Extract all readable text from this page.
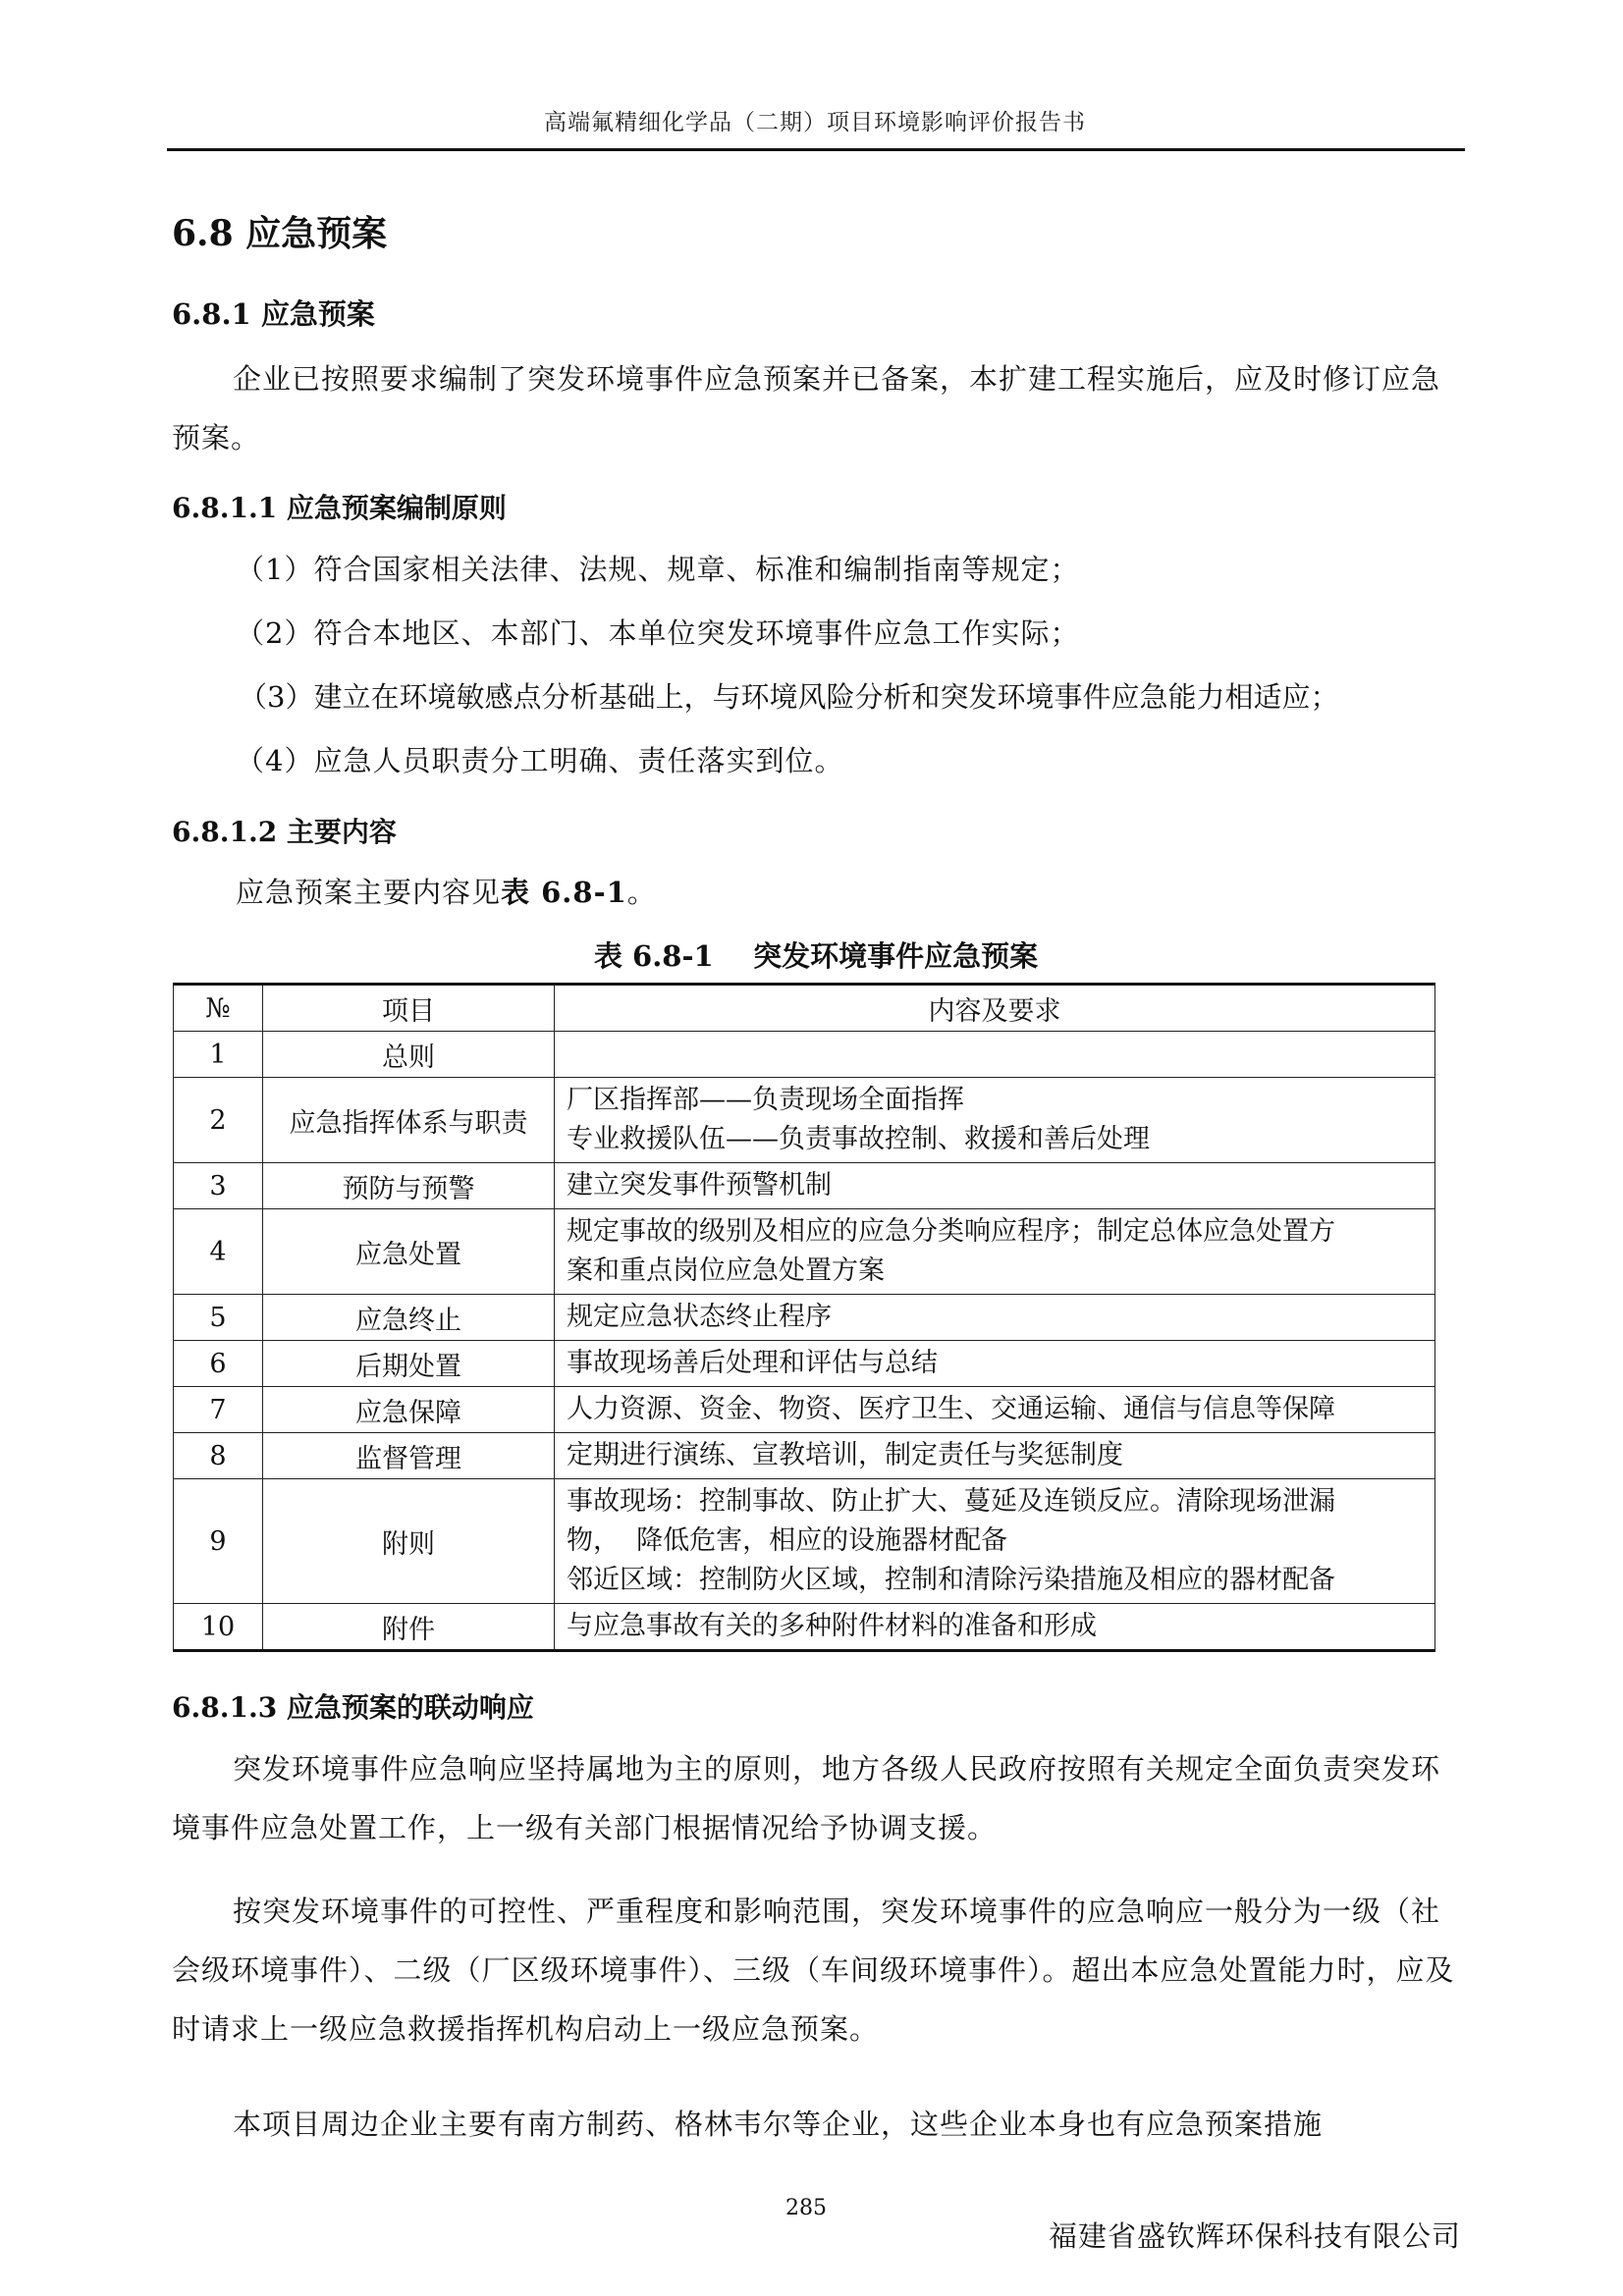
高端氟精细化学品（二期）项目环境影响评价报告书
6.8 应急预案
6.8.1 应急预案
企业已按照要求编制了突发环境事件应急预案并已备案，本扩建工程实施后，应及时修订应急预案。
6.8.1.1 应急预案编制原则
（1）符合国家相关法律、法规、规章、标准和编制指南等规定；
（2）符合本地区、本部门、本单位突发环境事件应急工作实际；
（3）建立在环境敏感点分析基础上，与环境风险分析和突发环境事件应急能力相适应；
（4）应急人员职责分工明确、责任落实到位。
6.8.1.2 主要内容
应急预案主要内容见表 6.8-1。
表 6.8-1    突发环境事件应急预案
№	项目	内容及要求
1	总则	

2	应急指挥体系与职责	厂区指挥部——负责现场全面指挥
专业救援队伍——负责事故控制、救援和善后处理

3	预防与预警	建立突发事件预警机制

4	应急处置	规定事故的级别及相应的应急分类响应程序；制定总体应急处置方
案和重点岗位应急处置方案

5	应急终止	规定应急状态终止程序

6	后期处置	事故现场善后处理和评估与总结

7	应急保障	人力资源、资金、物资、医疗卫生、交通运输、通信与信息等保障

8	监督管理	定期进行演练、宣教培训，制定责任与奖惩制度

9	附则	事故现场：控制事故、防止扩大、蔓延及连锁反应。清除现场泄漏
物，  降低危害，相应的设施器材配备
邻近区域：控制防火区域，控制和清除污染措施及相应的器材配备

10	附件	与应急事故有关的多种附件材料的准备和形成
6.8.1.3 应急预案的联动响应
突发环境事件应急响应坚持属地为主的原则，地方各级人民政府按照有关规定全面负责突发环境事件应急处置工作，上一级有关部门根据情况给予协调支援。
按突发环境事件的可控性、严重程度和影响范围，突发环境事件的应急响应一般分为一级（社会级环境事件）、二级（厂区级环境事件）、三级（车间级环境事件）。超出本应急处置能力时，应及时请求上一级应急救援指挥机构启动上一级应急预案。
本项目周边企业主要有南方制药、格林韦尔等企业，这些企业本身也有应急预案措施
285
福建省盛钦辉环保科技有限公司
